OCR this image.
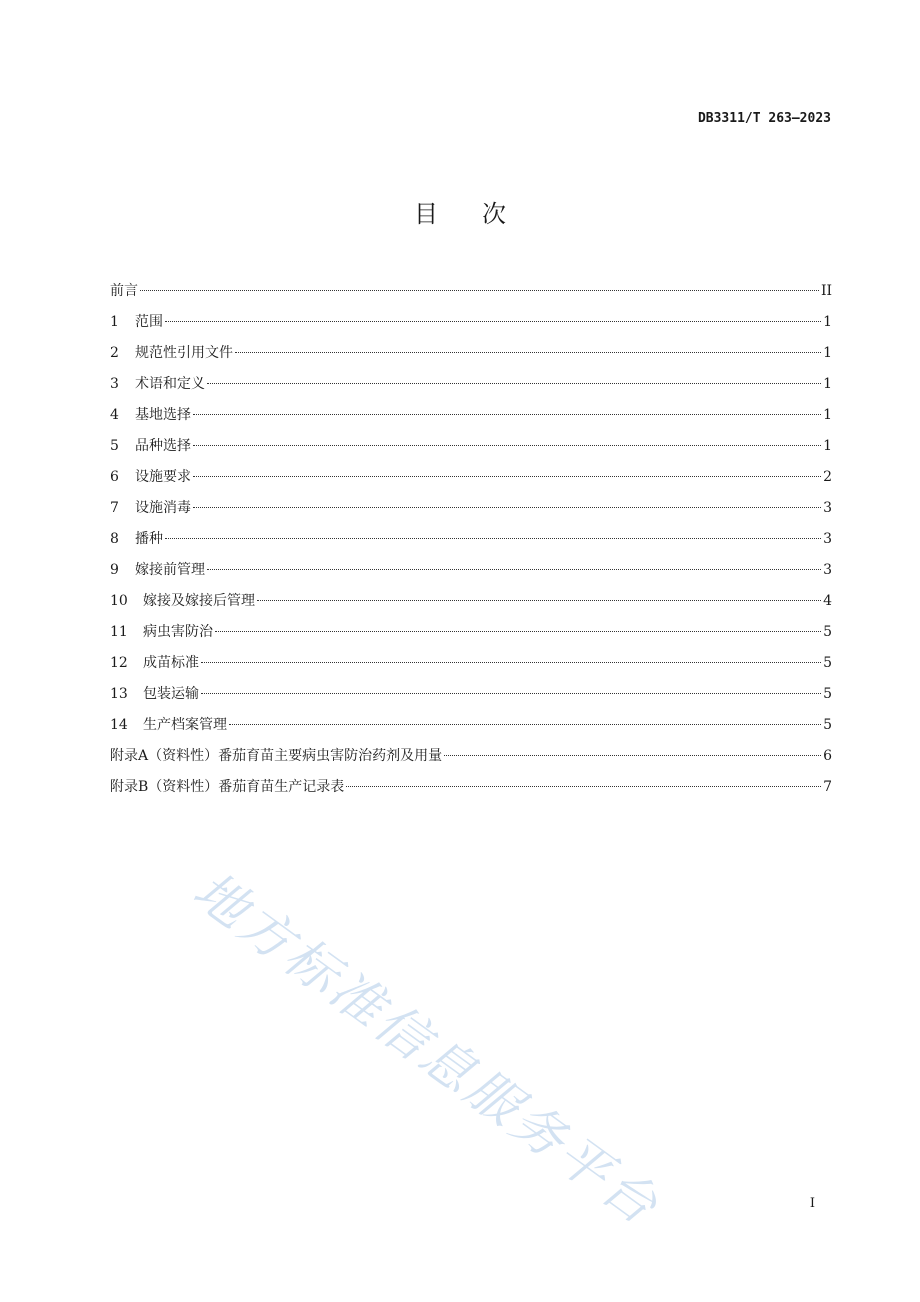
DB3311/T 263—2023
目 次
前言	II
1 范围	1
2 规范性引用文件	1
3 术语和定义	1
4 基地选择	1
5 品种选择	1
6 设施要求	2
7 设施消毒	3
8 播种	3
9 嫁接前管理	3
10 嫁接及嫁接后管理	4
11 病虫害防治	5
12 成苗标准	5
13 包装运输	5
14 生产档案管理	5
附录A（资料性）番茄育苗主要病虫害防治药剂及用量	6
附录B（资料性）番茄育苗生产记录表	7
I
地方标准信息服务平台
